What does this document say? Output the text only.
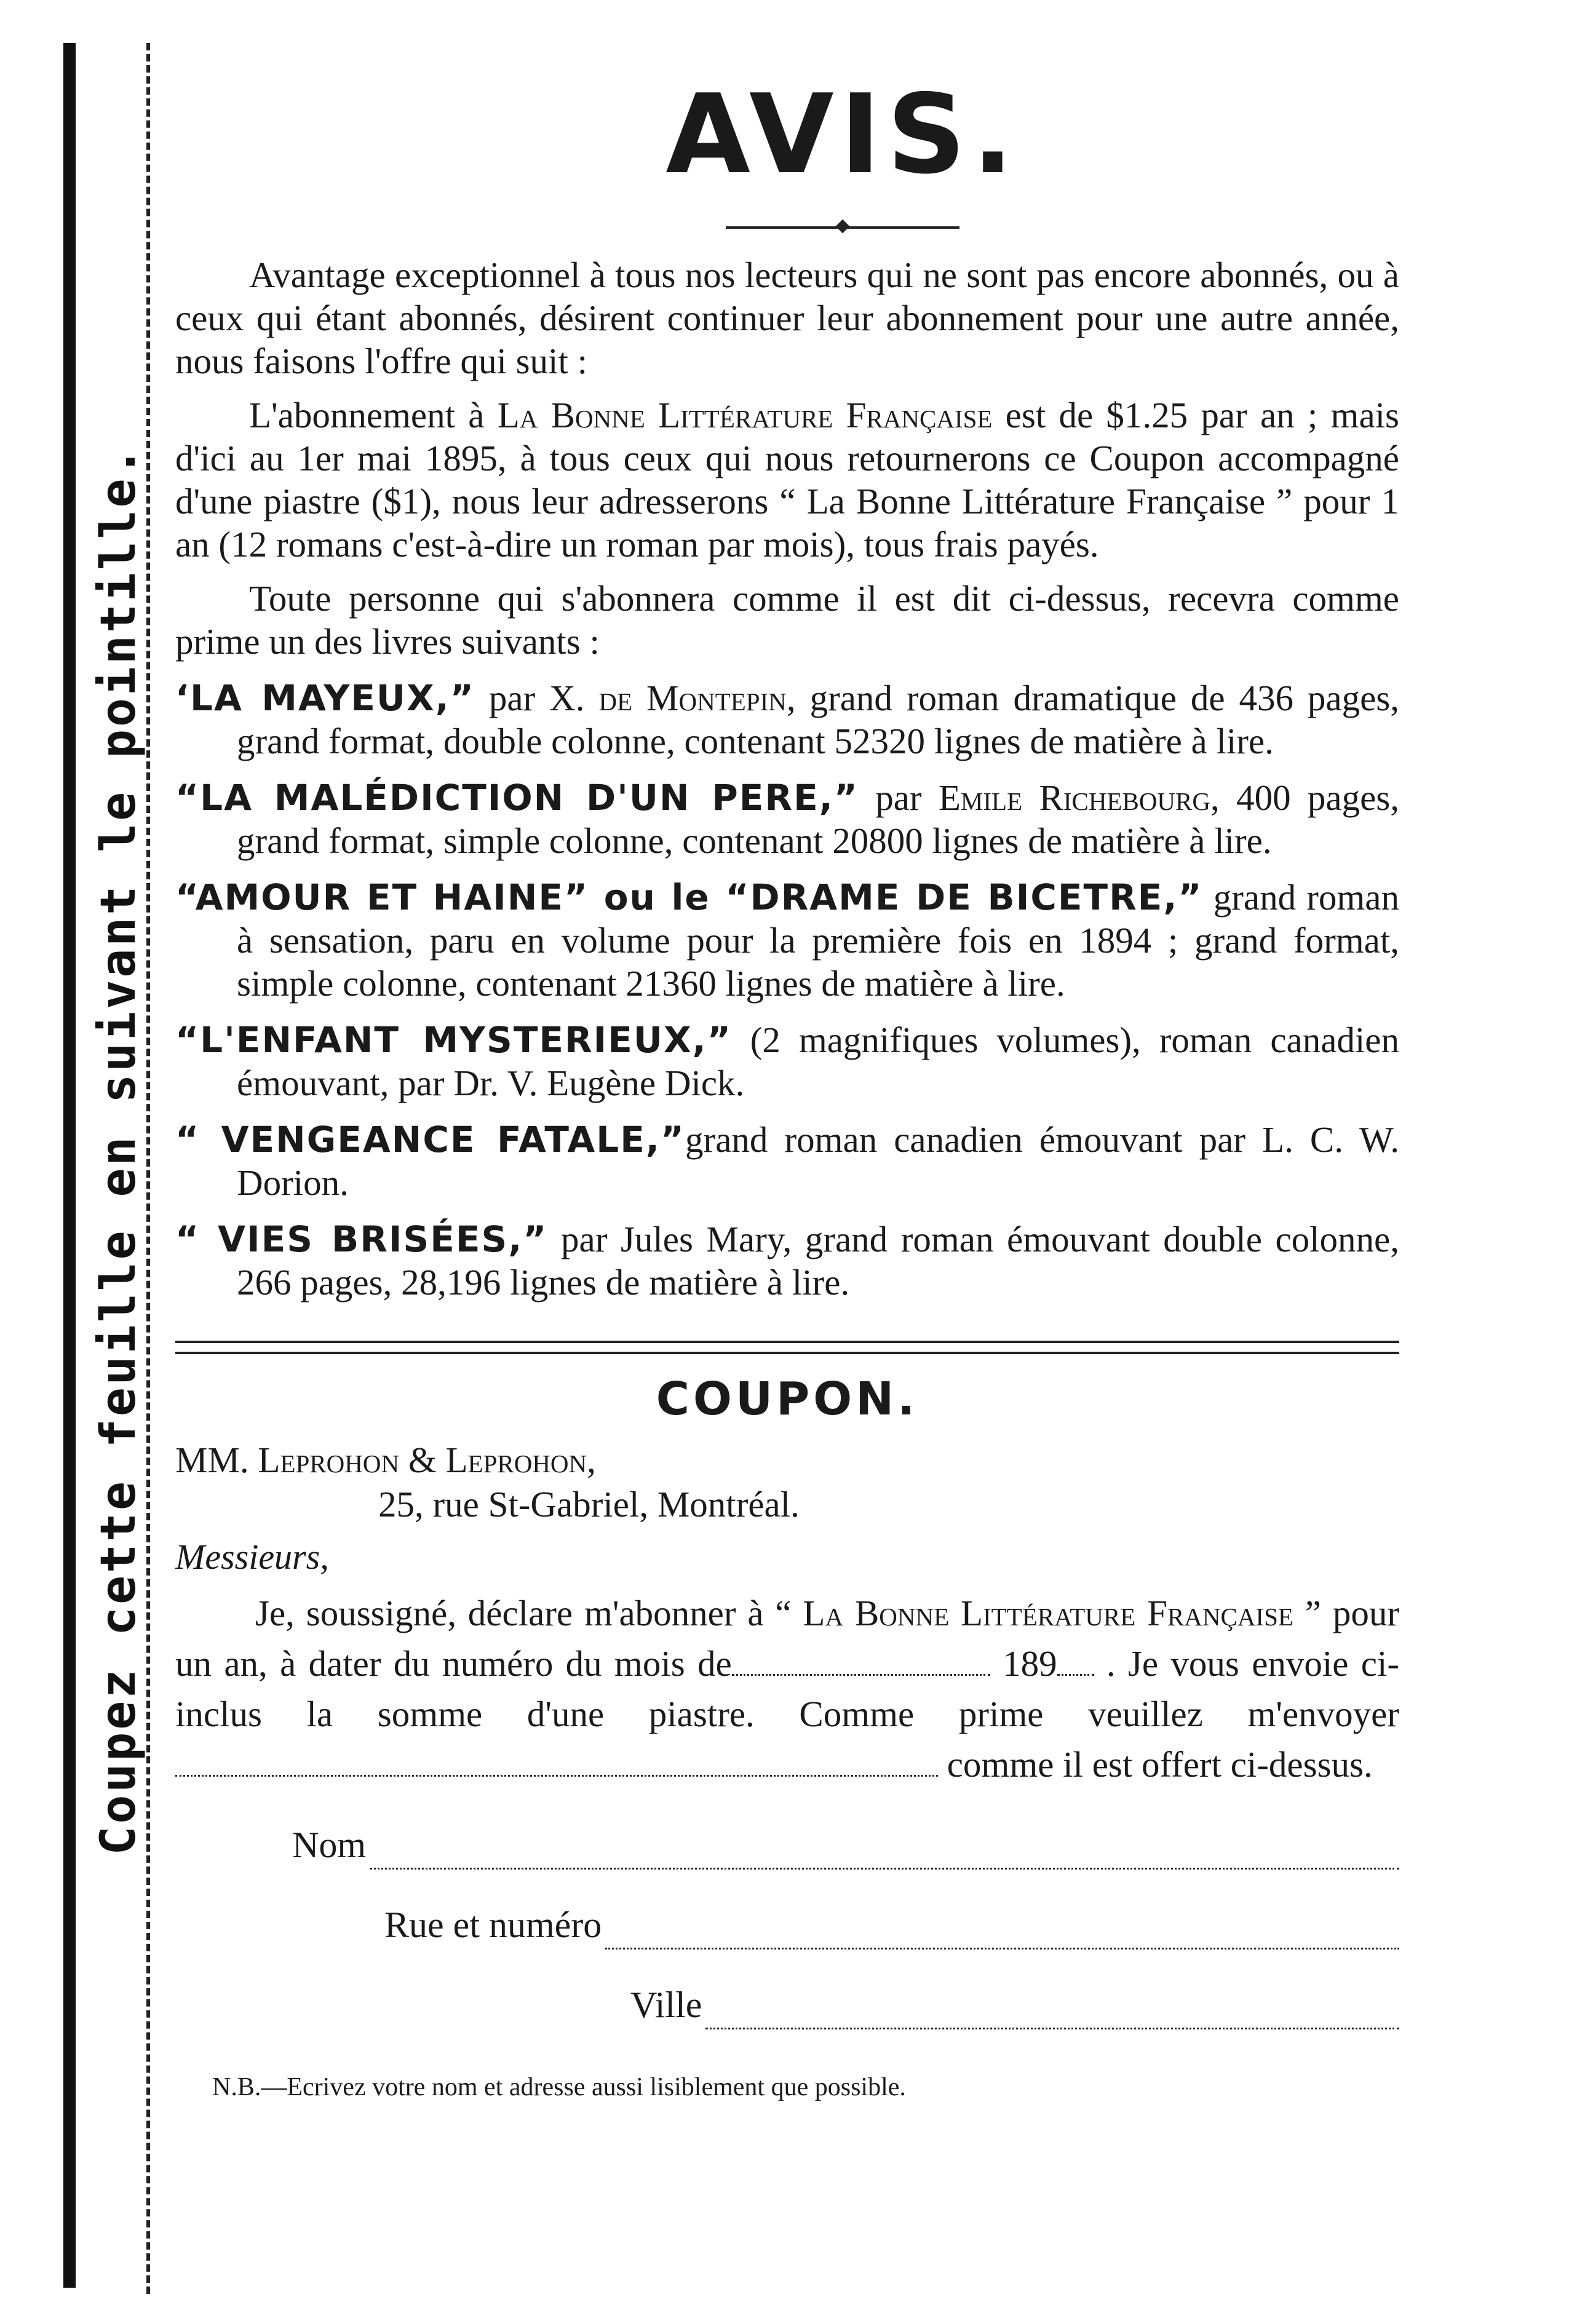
Coupez cette feuille en suivant le pointille.
AVIS.

Avantage exceptionnel à tous nos lecteurs qui ne sont pas encore abonnés, ou à ceux qui étant abonnés, désirent continuer leur abonnement pour une autre année, nous faisons l'offre qui suit :

L'abonnement à La Bonne Littérature Française est de $1.25 par an ; mais d'ici au 1er mai 1895, à tous ceux qui nous retournerons ce Coupon accompagné d'une piastre ($1), nous leur adresserons “ La Bonne Littérature Française ” pour 1 an (12 romans c'est-à-dire un roman par mois), tous frais payés.

Toute personne qui s'abonnera comme il est dit ci-dessus, recevra comme prime un des livres suivants :

‘LA MAYEUX,” par X. de Montepin, grand roman dramatique de 436 pages, grand format, double colonne, contenant 52320 lignes de matière à lire.

“LA MALÉDICTION D'UN PERE,” par Emile Richebourg, 400 pages, grand format, simple colonne, contenant 20800 lignes de matière à lire.

“AMOUR ET HAINE” ou le “DRAME DE BICETRE,” grand roman à sensation, paru en volume pour la première fois en 1894 ; grand format, simple colonne, contenant 21360 lignes de matière à lire.

“L'ENFANT MYSTERIEUX,” (2 magnifiques volumes), roman canadien émouvant, par Dr. V. Eugène Dick.

“ VENGEANCE FATALE,”grand roman canadien émouvant par L. C. W. Dorion.

“ VIES BRISÉES,” par Jules Mary, grand roman émouvant double colonne, 266 pages, 28,196 lignes de matière à lire.

COUPON.
MM. Leprohon & Leprohon,
25, rue St-Gabriel, Montréal.
Messieurs,

Je, soussigné, déclare m'abonner à “ La Bonne Littérature Française ” pour un an, à dater du numéro du mois de	189 . Je vous envoie ci-inclus la somme d'une piastre. Comme prime veuillez m'envoyer  comme il est offert ci-dessus.

Nom
Rue et numéro
Ville
N.B.—Ecrivez votre nom et adresse aussi lisiblement que possible.
